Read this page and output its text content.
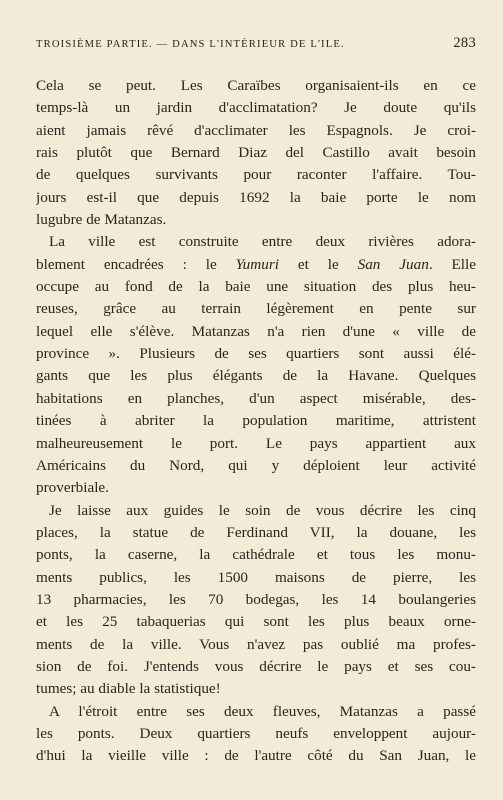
TROISIÈME PARTIE. — DANS L'INTÉRIEUR DE L'ILE.	283
Cela se peut. Les Caraïbes organisaient-ils en ce
temps-là un jardin d'acclimatation? Je doute qu'ils
aient jamais rêvé d'acclimater les Espagnols. Je croi-
rais plutôt que Bernard Diaz del Castillo avait besoin
de quelques survivants pour raconter l'affaire. Tou-
jours est-il que depuis 1692 la baie porte le nom
lugubre de Matanzas.
La ville est construite entre deux rivières adora-
blement encadrées : le Yumuri et le San Juan. Elle
occupe au fond de la baie une situation des plus heu-
reuses, grâce au terrain légèrement en pente sur
lequel elle s'élève. Matanzas n'a rien d'une « ville de
province ». Plusieurs de ses quartiers sont aussi élé-
gants que les plus élégants de la Havane. Quelques
habitations en planches, d'un aspect misérable, des-
tinées à abriter la population maritime, attristent
malheureusement le port. Le pays appartient aux
Américains du Nord, qui y déploient leur activité
proverbiale.
Je laisse aux guides le soin de vous décrire les cinq
places, la statue de Ferdinand VII, la douane, les
ponts, la caserne, la cathédrale et tous les monu-
ments publics, les 1500 maisons de pierre, les
13 pharmacies, les 70 bodegas, les 14 boulangeries
et les 25 tabaquerias qui sont les plus beaux orne-
ments de la ville. Vous n'avez pas oublié ma profes-
sion de foi. J'entends vous décrire le pays et ses cou-
tumes; au diable la statistique!
A l'étroit entre ses deux fleuves, Matanzas a passé
les ponts. Deux quartiers neufs enveloppent aujour-
d'hui la vieille ville : de l'autre côté du San Juan, le
